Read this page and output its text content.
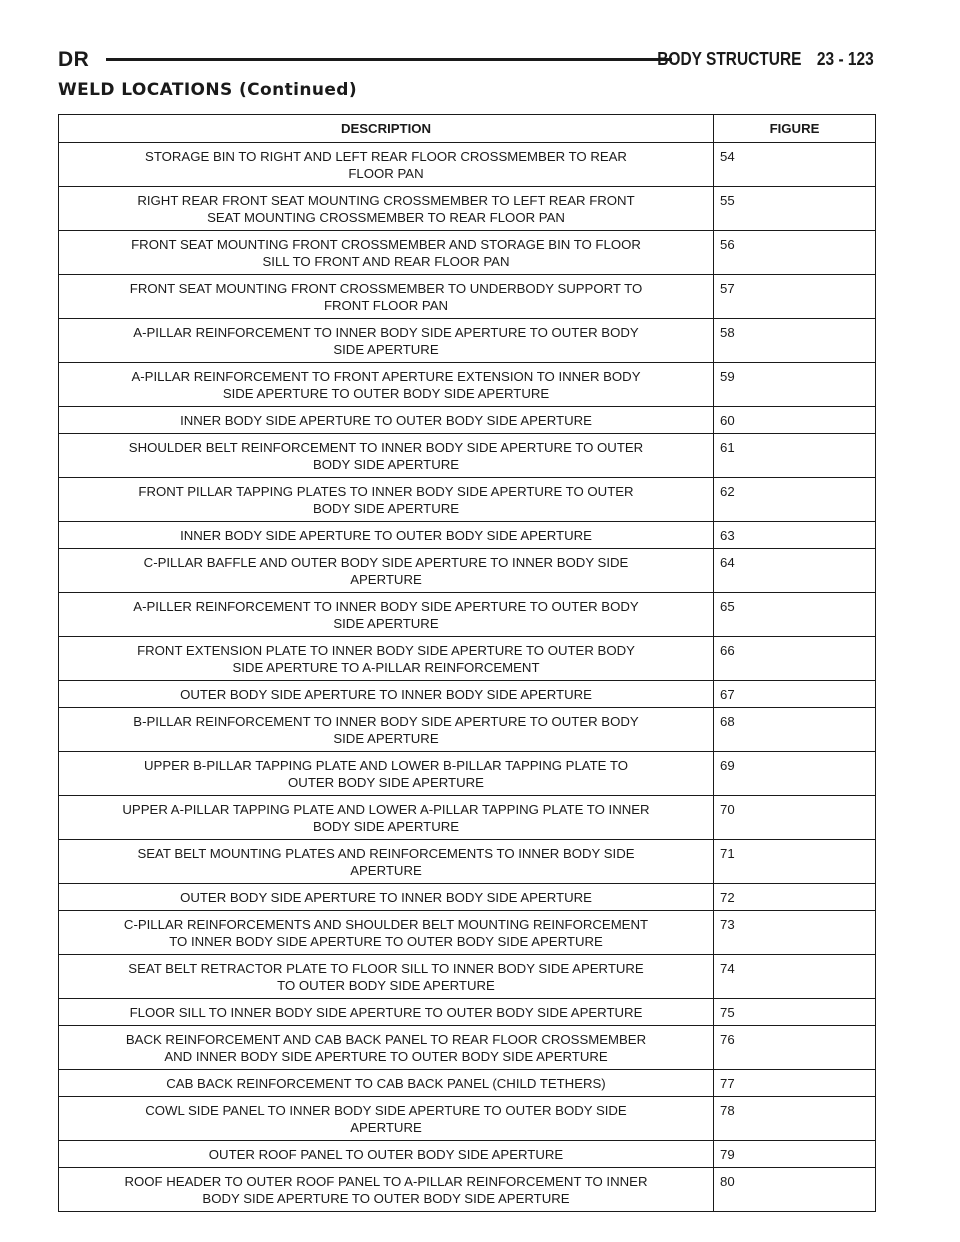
DR	BODY STRUCTURE 23 - 123
WELD LOCATIONS (Continued)
DESCRIPTION	FIGURE

STORAGE BIN TO RIGHT AND LEFT REAR FLOOR CROSSMEMBER TO REAR
FLOOR PAN	54

RIGHT REAR FRONT SEAT MOUNTING CROSSMEMBER TO LEFT REAR FRONT
SEAT MOUNTING CROSSMEMBER TO REAR FLOOR PAN	55

FRONT SEAT MOUNTING FRONT CROSSMEMBER AND STORAGE BIN TO FLOOR
SILL TO FRONT AND REAR FLOOR PAN	56

FRONT SEAT MOUNTING FRONT CROSSMEMBER TO UNDERBODY SUPPORT TO
FRONT FLOOR PAN	57

A-PILLAR REINFORCEMENT TO INNER BODY SIDE APERTURE TO OUTER BODY
SIDE APERTURE	58

A-PILLAR REINFORCEMENT TO FRONT APERTURE EXTENSION TO INNER BODY
SIDE APERTURE TO OUTER BODY SIDE APERTURE	59

INNER BODY SIDE APERTURE TO OUTER BODY SIDE APERTURE	60

SHOULDER BELT REINFORCEMENT TO INNER BODY SIDE APERTURE TO OUTER
BODY SIDE APERTURE	61

FRONT PILLAR TAPPING PLATES TO INNER BODY SIDE APERTURE TO OUTER
BODY SIDE APERTURE	62

INNER BODY SIDE APERTURE TO OUTER BODY SIDE APERTURE	63

C-PILLAR BAFFLE AND OUTER BODY SIDE APERTURE TO INNER BODY SIDE
APERTURE	64

A-PILLER REINFORCEMENT TO INNER BODY SIDE APERTURE TO OUTER BODY
SIDE APERTURE	65

FRONT EXTENSION PLATE TO INNER BODY SIDE APERTURE TO OUTER BODY
SIDE APERTURE TO A-PILLAR REINFORCEMENT	66

OUTER BODY SIDE APERTURE TO INNER BODY SIDE APERTURE	67

B-PILLAR REINFORCEMENT TO INNER BODY SIDE APERTURE TO OUTER BODY
SIDE APERTURE	68

UPPER B-PILLAR TAPPING PLATE AND LOWER B-PILLAR TAPPING PLATE TO
OUTER BODY SIDE APERTURE	69

UPPER A-PILLAR TAPPING PLATE AND LOWER A-PILLAR TAPPING PLATE TO INNER
BODY SIDE APERTURE	70

SEAT BELT MOUNTING PLATES AND REINFORCEMENTS TO INNER BODY SIDE
APERTURE	71

OUTER BODY SIDE APERTURE TO INNER BODY SIDE APERTURE	72

C-PILLAR REINFORCEMENTS AND SHOULDER BELT MOUNTING REINFORCEMENT
TO INNER BODY SIDE APERTURE TO OUTER BODY SIDE APERTURE	73

SEAT BELT RETRACTOR PLATE TO FLOOR SILL TO INNER BODY SIDE APERTURE
TO OUTER BODY SIDE APERTURE	74

FLOOR SILL TO INNER BODY SIDE APERTURE TO OUTER BODY SIDE APERTURE	75

BACK REINFORCEMENT AND CAB BACK PANEL TO REAR FLOOR CROSSMEMBER
AND INNER BODY SIDE APERTURE TO OUTER BODY SIDE APERTURE	76

CAB BACK REINFORCEMENT TO CAB BACK PANEL (CHILD TETHERS)	77

COWL SIDE PANEL TO INNER BODY SIDE APERTURE TO OUTER BODY SIDE
APERTURE	78

OUTER ROOF PANEL TO OUTER BODY SIDE APERTURE	79

ROOF HEADER TO OUTER ROOF PANEL TO A-PILLAR REINFORCEMENT TO INNER
BODY SIDE APERTURE TO OUTER BODY SIDE APERTURE	80
